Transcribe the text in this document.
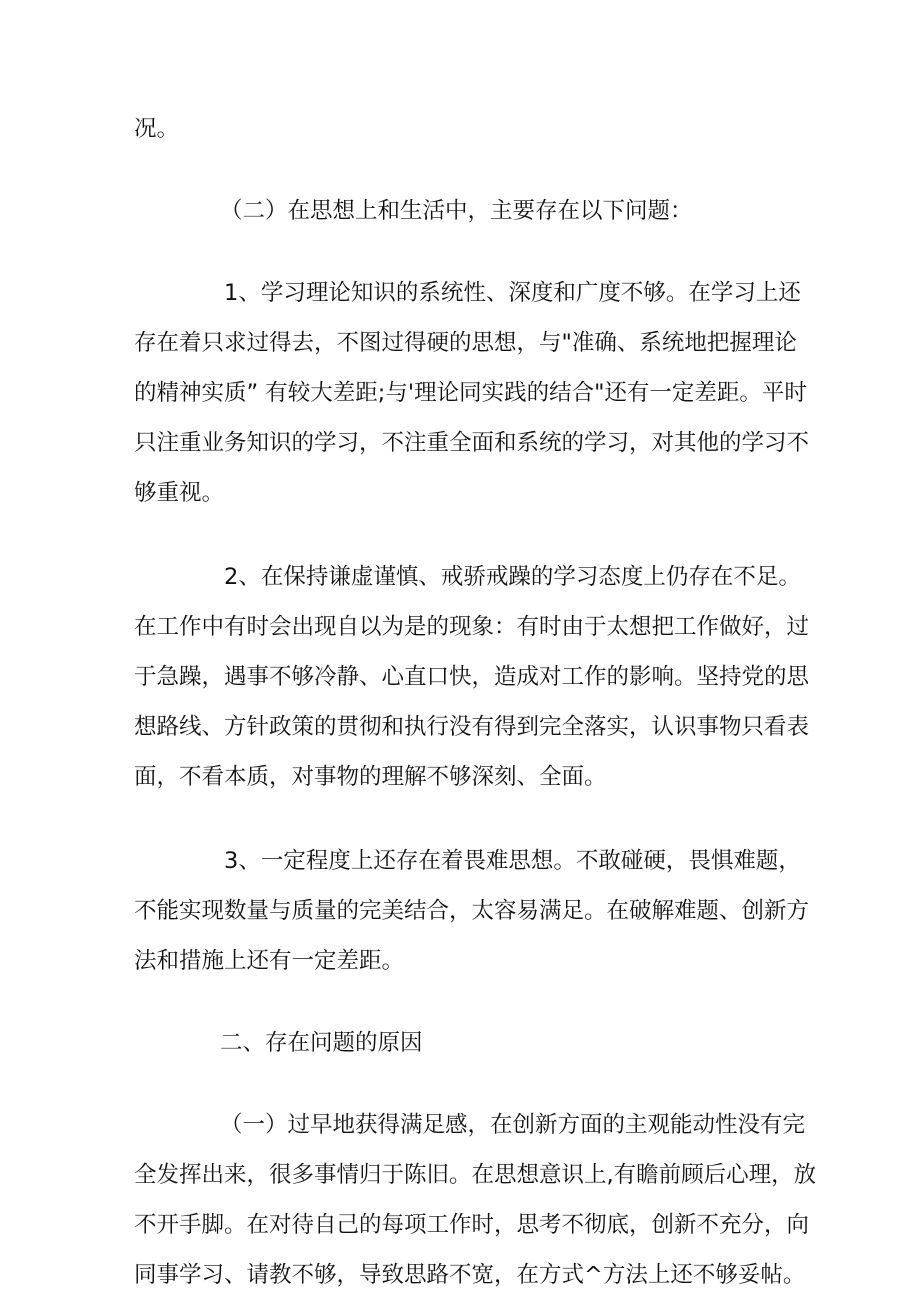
况。
（二）在思想上和生活中，主要存在以下问题：
1、学习理论知识的系统性、深度和广度不够。在学习上还
存在着只求过得去，不图过得硬的思想，与"准确、系统地把握理论
的精神实质” 有较大差距;与'理论同实践的结合"还有一定差距。平时
只注重业务知识的学习，不注重全面和系统的学习，对其他的学习不
够重视。
2、在保持谦虚谨慎、戒骄戒躁的学习态度上仍存在不足。
在工作中有时会出现自以为是的现象：有时由于太想把工作做好，过
于急躁，遇事不够冷静、心直口快，造成对工作的影响。坚持党的思
想路线、方针政策的贯彻和执行没有得到完全落实，认识事物只看表
面，不看本质，对事物的理解不够深刻、全面。
3、一定程度上还存在着畏难思想。不敢碰硬，畏惧难题，
不能实现数量与质量的完美结合，太容易满足。在破解难题、创新方
法和措施上还有一定差距。
二、存在问题的原因
（一）过早地获得满足感，在创新方面的主观能动性没有完
全发挥出来，很多事情归于陈旧。在思想意识上,有瞻前顾后心理，放
不开手脚。在对待自己的每项工作时，思考不彻底，创新不充分，向
同事学习、请教不够，导致思路不宽，在方式^方法上还不够妥帖。
